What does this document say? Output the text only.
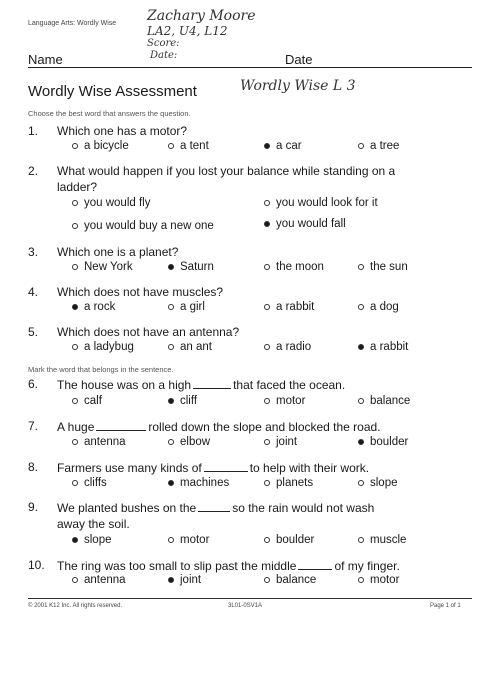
Language Arts: Wordly Wise Zachary Moore
LA2, U4, L12
Score:
Date:
Name	Date
Wordly Wise Assessment	Wordly Wise L 3
Choose the best word that answers the question.
1. Which one has a motor?
a bicycle	a tent	a car	a tree
2. What would happen if you lost your balance while standing on a
ladder?
you would fly	you would look for it
you would buy a new one	you would fall
3. Which one is a planet?
New York	Saturn	the moon	the sun
4. Which does not have muscles?
a rock	a girl	a rabbit	a dog
5. Which does not have an antenna?
a ladybug	an ant	a radio	a rabbit
Mark the word that belongs in the sentence.
6. The house was on a high	that faced the ocean.
calf	cliff	motor	balance
7. A huge	rolled down the slope and blocked the road.
antenna	elbow	joint	boulder
8. Farmers use many kinds of	to help with their work.
cliffs	machines	planets	slope
9. We planted bushes on the	so the rain would not wash
away the soil.
slope	motor	boulder	muscle
10. The ring was too small to slip past the middle	of my finger.
antenna	joint	balance	motor
© 2001 K12 Inc. All rights reserved.	3L01-0SV1A	Page 1 of 1
